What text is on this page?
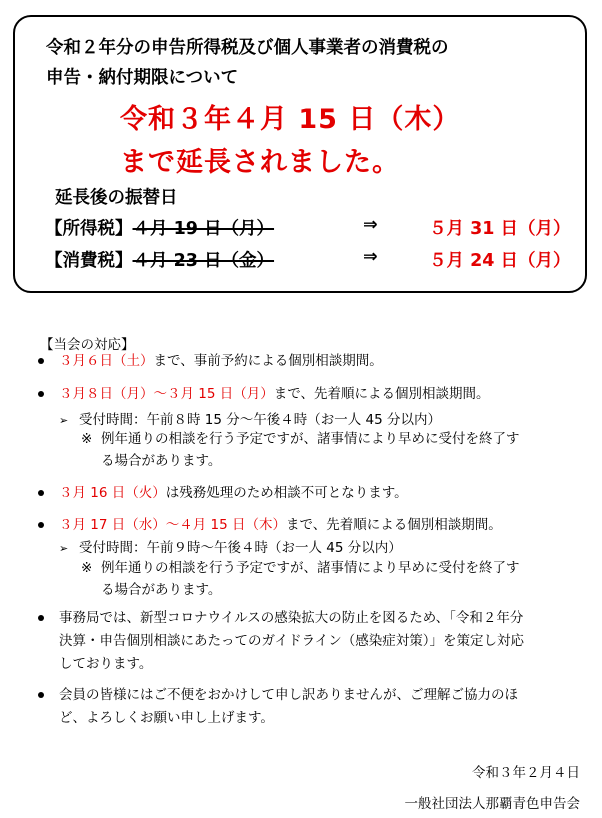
令和２年分の申告所得税及び個人事業者の消費税の
申告・納付期限について
令和３年４月 15 日（木）
まで延長されました。
延長後の振替日
【所得税】４月 19 日（月）	⇒	５月 31 日（月）
【消費税】４月 23 日（金）	⇒	５月 24 日（月）
【当会の対応】
３月６日（土）まで、事前予約による個別相談期間。
３月８日（月）～３月 15 日（月）まで、先着順による個別相談期間。
➢ 受付時間：午前８時 15 分～午後４時（お一人 45 分以内）
※ 例年通りの相談を行う予定ですが、諸事情により早めに受付を終了す
る場合があります。
３月 16 日（火）は残務処理のため相談不可となります。
３月 17 日（水）～４月 15 日（木）まで、先着順による個別相談期間。
➢ 受付時間：午前９時～午後４時（お一人 45 分以内）
※ 例年通りの相談を行う予定ですが、諸事情により早めに受付を終了す
る場合があります。
事務局では、新型コロナウイルスの感染拡大の防止を図るため、「令和２年分
決算・申告個別相談にあたってのガイドライン（感染症対策）」を策定し対応
しております。
会員の皆様にはご不便をおかけして申し訳ありませんが、ご理解ご協力のほ
ど、よろしくお願い申し上げます。
令和３年２月４日
一般社団法人那覇青色申告会
